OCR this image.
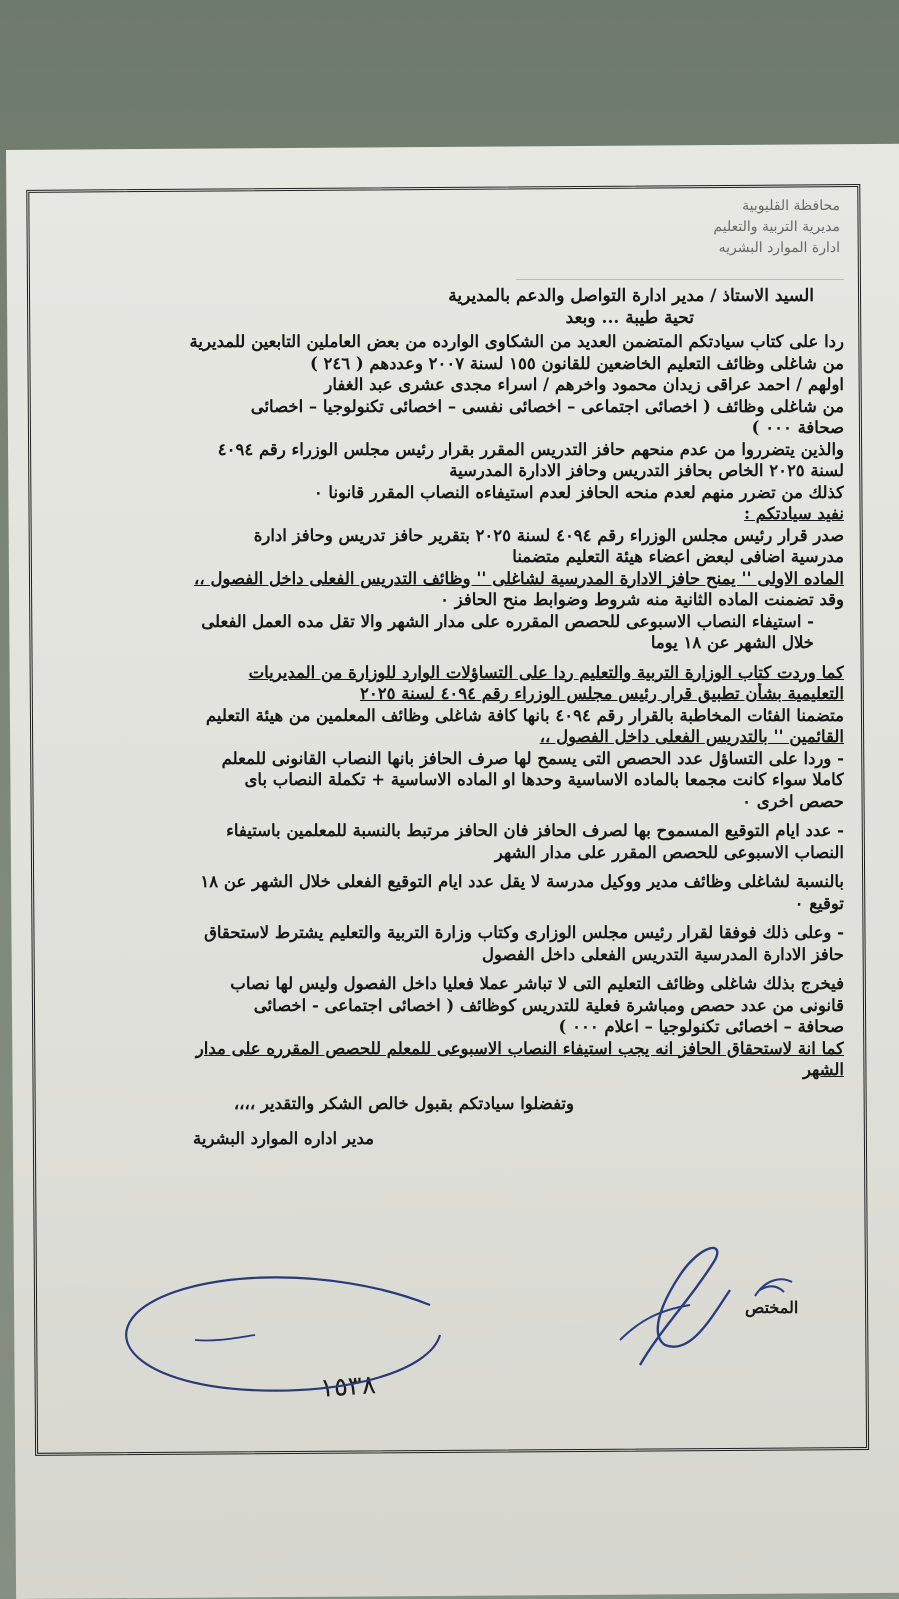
محافظة القليوبية
مديرية التربية والتعليم
ادارة الموارد البشريه
السيد الاستاذ / مدير ادارة التواصل والدعم بالمديرية
تحية طيبة ... وبعد
ردا على كتاب سيادتكم المتضمن العديد من الشكاوى الوارده من بعض العاملين التابعين للمديرية
من شاغلى وظائف التعليم الخاضعين للقانون ١٥٥ لسنة ٢٠٠٧ وعددهم ( ٢٤٦ )
اولهم / احمد عراقى زيدان محمود واخرهم / اسراء مجدى عشرى عبد الغفار
من شاغلى وظائف ( اخصائى اجتماعى – اخصائى نفسى – اخصائى تكنولوجيا – اخصائى
صحافة ٠٠٠ )
والذين يتضرروا من عدم منحهم حافز التدريس المقرر بقرار رئيس مجلس الوزراء رقم ٤٠٩٤
لسنة ٢٠٢٥ الخاص بحافز التدريس وحافز الادارة المدرسية
كذلك من تضرر منهم لعدم منحه الحافز لعدم استيفاءه النصاب المقرر قانونا ٠
نفيد سيادتكم :
صدر قرار رئيس مجلس الوزراء رقم ٤٠٩٤ لسنة ٢٠٢٥ بتقرير حافز تدريس وحافز ادارة
مدرسية اضافى لبعض اعضاء هيئة التعليم متضمنا
الماده الاولى '' يمنح حافز الادارة المدرسية لشاغلى '' وظائف التدريس الفعلى داخل الفصول ،،
وقد تضمنت الماده الثانية منه شروط وضوابط منح الحافز ٠
- استيفاء النصاب الاسبوعى للحصص المقرره على مدار الشهر والا تقل مده العمل الفعلى
خلال الشهر عن ١٨ يوما
كما وردت كتاب الوزارة التربية والتعليم ردا على التساؤلات الوارد للوزارة من المديريات
التعليمية بشأن تطبيق قرار رئيس مجلس الوزراء رقم ٤٠٩٤ لسنة ٢٠٢٥
متضمنا الفئات المخاطبة بالقرار رقم ٤٠٩٤ بانها كافة شاغلى وظائف المعلمين من هيئة التعليم
القائمين '' بالتدريس الفعلى داخل الفصول ،،
- وردا على التساؤل عدد الحصص التى يسمح لها صرف الحافز بانها النصاب القانونى للمعلم
كاملا سواء كانت مجمعا بالماده الاساسية وحدها او الماده الاساسية + تكملة النصاب باى
حصص اخرى ٠
- عدد ايام التوقيع المسموح بها لصرف الحافز فان الحافز مرتبط بالنسبة للمعلمين باستيفاء
النصاب الاسبوعى للحصص المقرر على مدار الشهر
بالنسبة لشاغلى وظائف مدير ووكيل مدرسة لا يقل عدد ايام التوقيع الفعلى خلال الشهر عن ١٨
توقيع ٠
- وعلى ذلك فوفقا لقرار رئيس مجلس الوزارى وكتاب وزارة التربية والتعليم يشترط لاستحقاق
حافز الادارة المدرسية التدريس الفعلى داخل الفصول
فيخرج بذلك شاغلى وظائف التعليم التى لا تباشر عملا فعليا داخل الفصول وليس لها نصاب
قانونى من عدد حصص ومباشرة فعلية للتدريس كوظائف ( اخصائى اجتماعى - اخصائى
صحافة – اخصائى تكنولوجيا – اعلام ٠٠٠ )
كما انة لاستحقاق الحافز انه يجب استيفاء النصاب الاسبوعى للمعلم للحصص المقرره على مدار
الشهر
وتفضلوا سيادتكم بقبول خالص الشكر والتقدير ،،،،
مدير اداره الموارد البشرية
المختص
١٥٣٨
